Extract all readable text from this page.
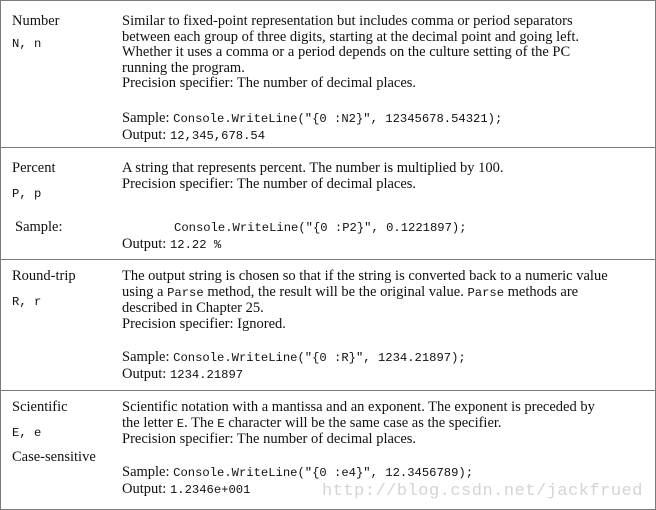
Number
N, n
Similar to fixed-point representation but includes comma or period separators
between each group of three digits, starting at the decimal point and going left.
Whether it uses a comma or a period depends on the culture setting of the PC
running the program.
Precision specifier: The number of decimal places.
Sample: Console.WriteLine("{0 :N2}", 12345678.54321);
Output: 12,345,678.54
Percent
P, p
Sample:
A string that represents percent. The number is multiplied by 100.
Precision specifier: The number of decimal places.
Console.WriteLine("{0 :P2}", 0.1221897);
Output: 12.22 %
Round-trip
R, r
The output string is chosen so that if the string is converted back to a numeric value
using a Parse method, the result will be the original value. Parse methods are
described in Chapter 25.
Precision specifier: Ignored.
Sample: Console.WriteLine("{0 :R}", 1234.21897);
Output: 1234.21897
Scientific
E, e
Case-sensitive
Scientific notation with a mantissa and an exponent. The exponent is preceded by
the letter E. The E character will be the same case as the specifier.
Precision specifier: The number of decimal places.
Sample: Console.WriteLine("{0 :e4}", 12.3456789);
Output: 1.2346e+001	http://blog.csdn.net/jackfrued
